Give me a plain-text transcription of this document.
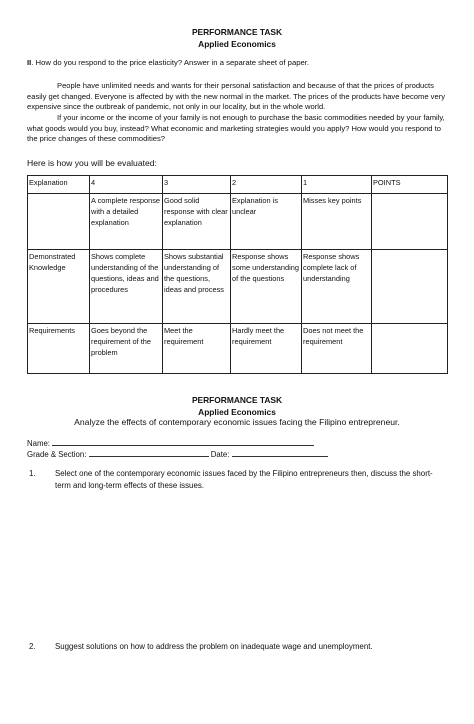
PERFORMANCE TASK
Applied Economics
II. How do you respond to the price elasticity? Answer in a separate sheet of paper.
People have unlimited needs and wants for their personal satisfaction and because of that the prices of products easily get changed. Everyone is affected by with the new normal in the market. The prices of the products have become very expensive since the outbreak of pandemic, not only in our locality, but in the whole world.
If your income or the income of your family is not enough to purchase the basic commodities needed by your family, what goods would you buy, instead? What economic and marketing strategies would you apply? How would you respond to the price changes of these commodities?
Here is how you will be evaluated:
Explanation	4	3	2	1	POINTS
	A complete response with a detailed explanation	Good solid response with clear explanation	Explanation is unclear	Misses key points	
Demonstrated Knowledge	Shows complete understanding of the questions, ideas and procedures	Shows substantial understanding of the questions, ideas and process	Response shows some understanding of the questions	Response shows complete lack of understanding	
Requirements	Goes beyond the requirement of the problem	Meet the requirement	Hardly meet the requirement	Does not meet the requirement	
PERFORMANCE TASK
Applied Economics
Analyze the effects of contemporary economic issues facing the Filipino entrepreneur.
Name:
Grade & Section:	Date:
1. Select one of the contemporary economic issues faced by the Filipino entrepreneurs then, discuss the short-term and long-term effects of these issues.
2. Suggest solutions on how to address the problem on inadequate wage and unemployment.
